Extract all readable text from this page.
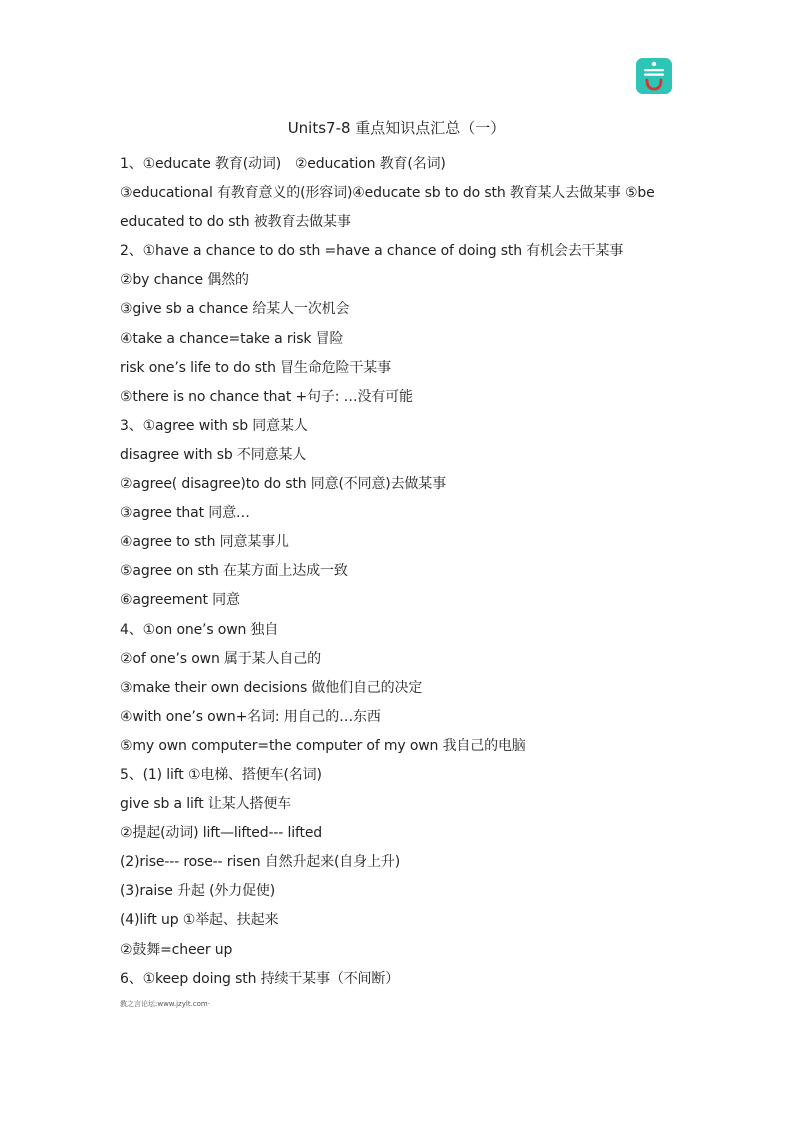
Units7-8 重点知识点汇总（一）
1、①educate 教育(动词)　②education 教育(名词)
③educational 有教育意义的(形容词)④educate sb to do sth 教育某人去做某事 ⑤be
educated to do sth 被教育去做某事
2、①have a chance to do sth =have a chance of doing sth 有机会去干某事
②by chance 偶然的
③give sb a chance 给某人一次机会
④take a chance=take a risk 冒险
risk one’s life to do sth 冒生命危险干某事
⑤there is no chance that +句子: …没有可能
3、①agree with sb 同意某人
disagree with sb 不同意某人
②agree( disagree)to do sth 同意(不同意)去做某事
③agree that 同意…
④agree to sth 同意某事儿
⑤agree on sth 在某方面上达成一致
⑥agreement 同意
4、①on one’s own 独自
②of one’s own 属于某人自己的
③make their own decisions 做他们自己的决定
④with one’s own+名词: 用自己的…东西
⑤my own computer=the computer of my own 我自己的电脑
5、(1) lift ①电梯、搭便车(名词)
give sb a lift 让某人搭便车
②提起(动词) lift—lifted--- lifted
(2)rise--- rose-- risen 自然升起来(自身上升)
(3)raise 升起 (外力促使)
(4)lift up ①举起、扶起来
②鼓舞=cheer up
6、①keep doing sth 持续干某事（不间断）
教之言论坛:www.jzylt.com·
